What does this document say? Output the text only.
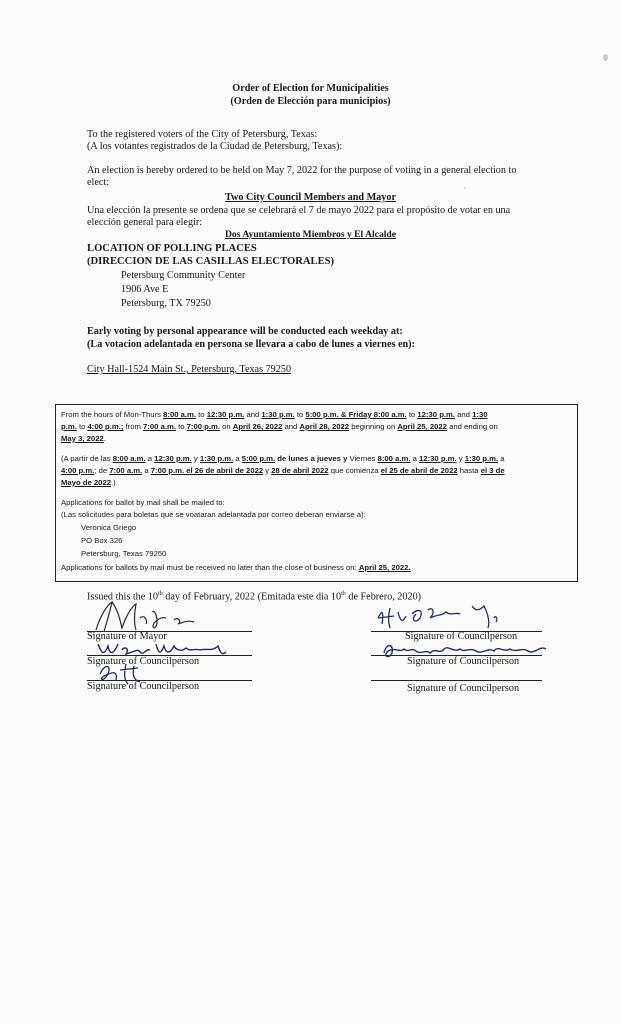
Order of Election for Municipalities
(Orden de Elección para municipios)
To the registered voters of the City of Petersburg, Texas:
(A los votantes registrados de la Ciudad de Petersburg, Texas):
An election is hereby ordered to be held on May 7, 2022 for the purpose of voting in a general election to
elect:
Two City Council Members and Mayor
Una elección la presente se ordena que se celebrará el 7 de mayo 2022 para el propósito de votar en una
elección general para elegir:
Dos Ayuntamiento Miembros y El Alcalde
LOCATION OF POLLING PLACES
(DIRECCION DE LAS CASILLAS ELECTORALES)
Petersburg Community Center
1906 Ave E
Petersburg, TX 79250
Early voting by personal appearance will be conducted each weekday at:
(La votacion adelantada en persona se llevara a cabo de lunes a viernes en):
City Hall-1524 Main St., Petersburg, Texas 79250
From the hours of Mon-Thurs 8:00 a.m. to 12:30 p.m. and 1:30 p.m. to 5:00 p.m. & Friday 8:00 a.m. to 12:30 p.m. and 1:30
p.m. to 4:00 p.m.; from 7:00 a.m. to 7:00 p.m. on April 26, 2022 and April 28, 2022 beginning on April 25, 2022 and ending on
May 3, 2022.
(A partir de las 8:00 a.m. a 12:30 p.m. y 1:30 p.m. a 5:00 p.m. de lunes a jueves y Viernes 8:00 a.m. a 12:30 p.m. y 1:30 p.m. a
4:00 p.m.; de 7:00 a.m. a 7:00 p.m. el 26 de abril de 2022 y 28 de abril 2022 que comienza el 25 de abril de 2022 hasta el 3 de
Mayo de 2022.)
Applications for ballot by mail shall be mailed to:
(Las solicitudes para boletas que se voataran adelantada por correo deberan enviarse a):
Veronica Griego
PO Box 326
Petersburg, Texas 79250
Applications for ballots by mail must be received no later than the close of business on: April 25, 2022.
Issued this the 10th day of February, 2022 (Emitada este dia 10th de Febrero, 2020)
Signature of Mayor
Signature of Councilperson
Signature of Councilperson
Signature of Councilperson
Signature of Councilperson
Signature of Councilperson
